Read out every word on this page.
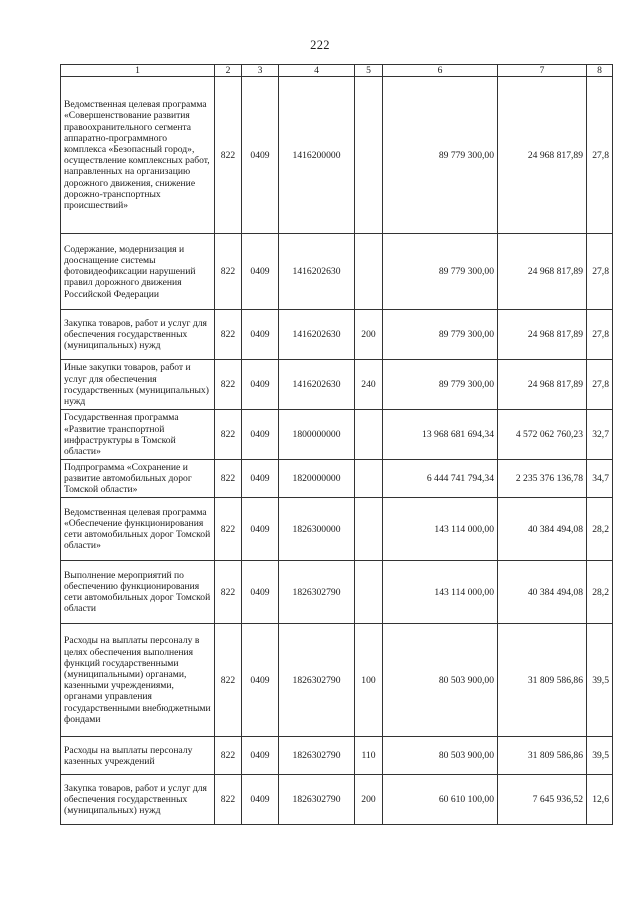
222
1	2	3	4	5	6	7	8
Ведомственная целевая программа «Совершенствование развития правоохранительного сегмента аппаратно-программного комплекса «Безопасный город», осуществление комплексных работ, направленных на организацию дорожного движения, снижение дорожно-транспортных происшествий»	822	0409	1416200000		89 779 300,00	24 968 817,89	27,8
Содержание, модернизация и дооснащение системы фотовидеофиксации нарушений правил дорожного движения Российской Федерации	822	0409	1416202630		89 779 300,00	24 968 817,89	27,8
Закупка товаров, работ и услуг для обеспечения государственных (муниципальных) нужд	822	0409	1416202630	200	89 779 300,00	24 968 817,89	27,8
Иные закупки товаров, работ и услуг для обеспечения государственных (муниципальных) нужд	822	0409	1416202630	240	89 779 300,00	24 968 817,89	27,8
Государственная программа «Развитие транспортной инфраструктуры в Томской области»	822	0409	1800000000		13 968 681 694,34	4 572 062 760,23	32,7
Подпрограмма «Сохранение и развитие автомобильных дорог Томской области»	822	0409	1820000000		6 444 741 794,34	2 235 376 136,78	34,7
Ведомственная целевая программа «Обеспечение функционирования сети автомобильных дорог Томской области»	822	0409	1826300000		143 114 000,00	40 384 494,08	28,2
Выполнение мероприятий по обеспечению функционирования сети автомобильных дорог Томской области	822	0409	1826302790		143 114 000,00	40 384 494,08	28,2
Расходы на выплаты персоналу в целях обеспечения выполнения функций государственными (муниципальными) органами, казенными учреждениями, органами управления государственными внебюджетными фондами	822	0409	1826302790	100	80 503 900,00	31 809 586,86	39,5
Расходы на выплаты персоналу казенных учреждений	822	0409	1826302790	110	80 503 900,00	31 809 586,86	39,5
Закупка товаров, работ и услуг для обеспечения государственных (муниципальных) нужд	822	0409	1826302790	200	60 610 100,00	7 645 936,52	12,6
